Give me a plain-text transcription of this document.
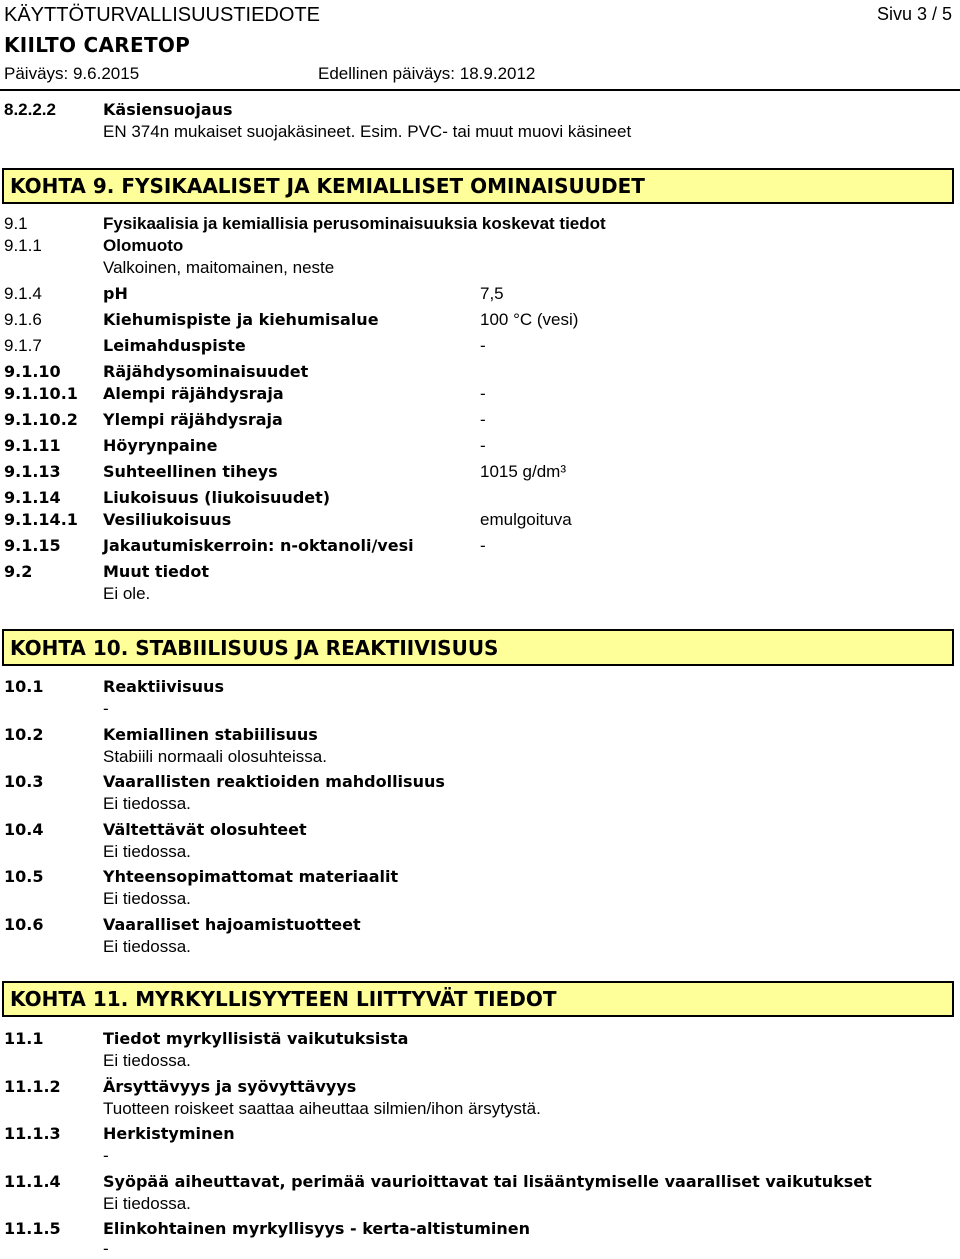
KÄYTTÖTURVALLISUUSTIEDOTE	Sivu 3 / 5
KIILTO CARETOP
Päiväys: 9.6.2015	Edellinen päiväys: 18.9.2012
8.2.2.2	Käsiensuojaus
EN 374n mukaiset suojakäsineet. Esim. PVC- tai muut muovi käsineet
KOHTA 9. FYSIKAALISET JA KEMIALLISET OMINAISUUDET
9.1	Fysikaalisia ja kemiallisia perusominaisuuksia koskevat tiedot
9.1.1	Olomuoto
Valkoinen, maitomainen, neste
9.1.4	pH	7,5
9.1.6	Kiehumispiste ja kiehumisalue	100 °C (vesi)
9.1.7	Leimahduspiste	-
9.1.10	Räjähdysominaisuudet
9.1.10.1 Alempi räjähdysraja	-
9.1.10.2 Ylempi räjähdysraja	-
9.1.11	Höyrynpaine	-
9.1.13	Suhteellinen tiheys	1015 g/dm³
9.1.14	Liukoisuus (liukoisuudet)
9.1.14.1 Vesiliukoisuus	emulgoituva
9.1.15	Jakautumiskerroin: n-oktanoli/vesi	-
9.2	Muut tiedot
Ei ole.
KOHTA 10. STABIILISUUS JA REAKTIIVISUUS
10.1	Reaktiivisuus
-
10.2	Kemiallinen stabiilisuus
Stabiili normaali olosuhteissa.
10.3	Vaarallisten reaktioiden mahdollisuus
Ei tiedossa.
10.4	Vältettävät olosuhteet
Ei tiedossa.
10.5	Yhteensopimattomat materiaalit
Ei tiedossa.
10.6	Vaaralliset hajoamistuotteet
Ei tiedossa.
KOHTA 11. MYRKYLLISYYTEEN LIITTYVÄT TIEDOT
11.1	Tiedot myrkyllisistä vaikutuksista
Ei tiedossa.
11.1.2	Ärsyttävyys ja syövyttävyys
Tuotteen roiskeet saattaa aiheuttaa silmien/ihon ärsytystä.
11.1.3	Herkistyminen
-
11.1.4	Syöpää aiheuttavat, perimää vaurioittavat tai lisääntymiselle vaaralliset vaikutukset
Ei tiedossa.
11.1.5	Elinkohtainen myrkyllisyys - kerta-altistuminen
-
